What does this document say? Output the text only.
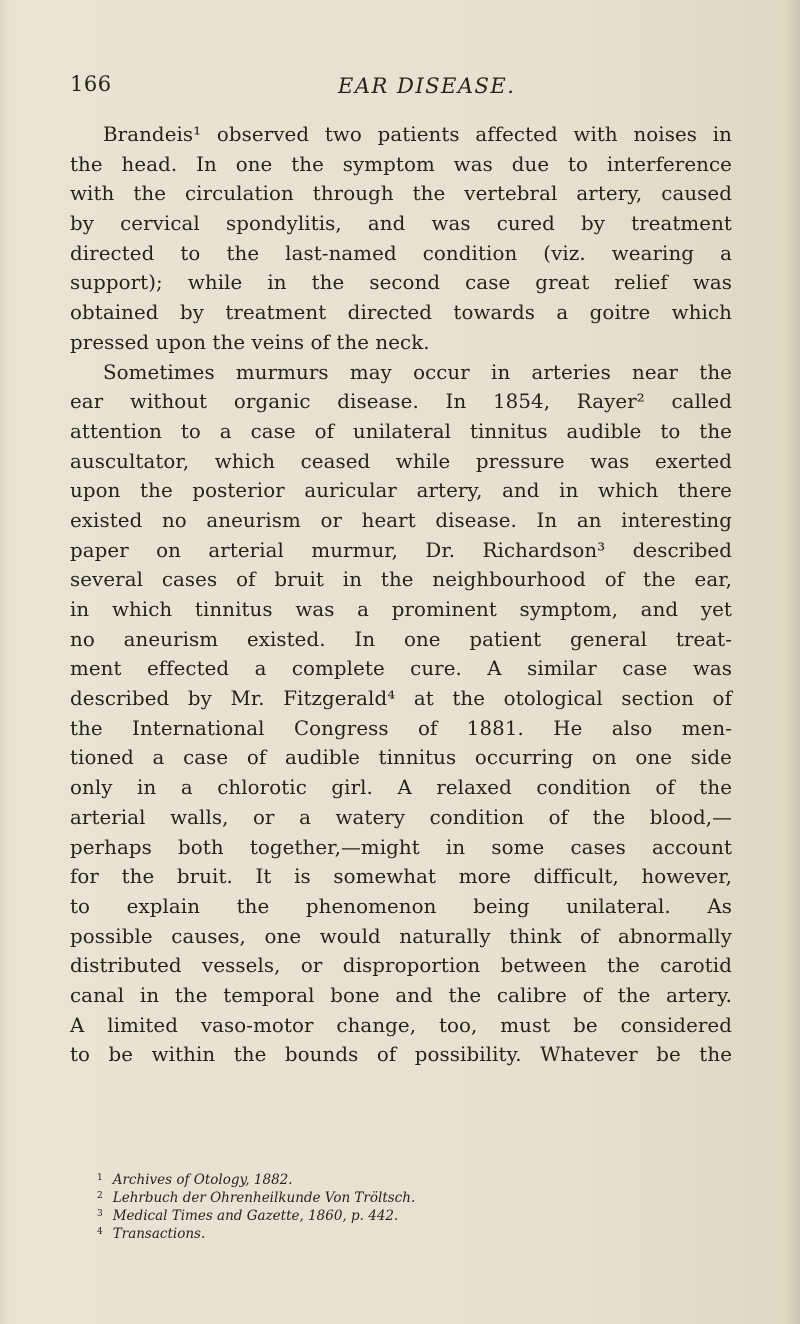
166	EAR DISEASE.
Brandeis¹ observed two patients affected with noises in
the head. In one the symptom was due to interference
with the circulation through the vertebral artery, caused
by cervical spondylitis, and was cured by treatment
directed to the last-named condition (viz. wearing a
support); while in the second case great relief was
obtained by treatment directed towards a goitre which
pressed upon the veins of the neck.
Sometimes murmurs may occur in arteries near the
ear without organic disease. In 1854, Rayer² called
attention to a case of unilateral tinnitus audible to the
auscultator, which ceased while pressure was exerted
upon the posterior auricular artery, and in which there
existed no aneurism or heart disease. In an interesting
paper on arterial murmur, Dr. Richardson³ described
several cases of bruit in the neighbourhood of the ear,
in which tinnitus was a prominent symptom, and yet
no aneurism existed. In one patient general treat-
ment effected a complete cure. A similar case was
described by Mr. Fitzgerald⁴ at the otological section of
the International Congress of 1881. He also men-
tioned a case of audible tinnitus occurring on one side
only in a chlorotic girl. A relaxed condition of the
arterial walls, or a watery condition of the blood,—
perhaps both together,—might in some cases account
for the bruit. It is somewhat more difficult, however,
to explain the phenomenon being unilateral. As
possible causes, one would naturally think of abnormally
distributed vessels, or disproportion between the carotid
canal in the temporal bone and the calibre of the artery.
A limited vaso-motor change, too, must be considered
to be within the bounds of possibility. Whatever be the
$^1$ Archives of Otology, 1882.
$^2$ Lehrbuch der Ohrenheilkunde Von Tröltsch.
$^3$ Medical Times and Gazette, 1860, p. 442.
$^4$ Transactions.
